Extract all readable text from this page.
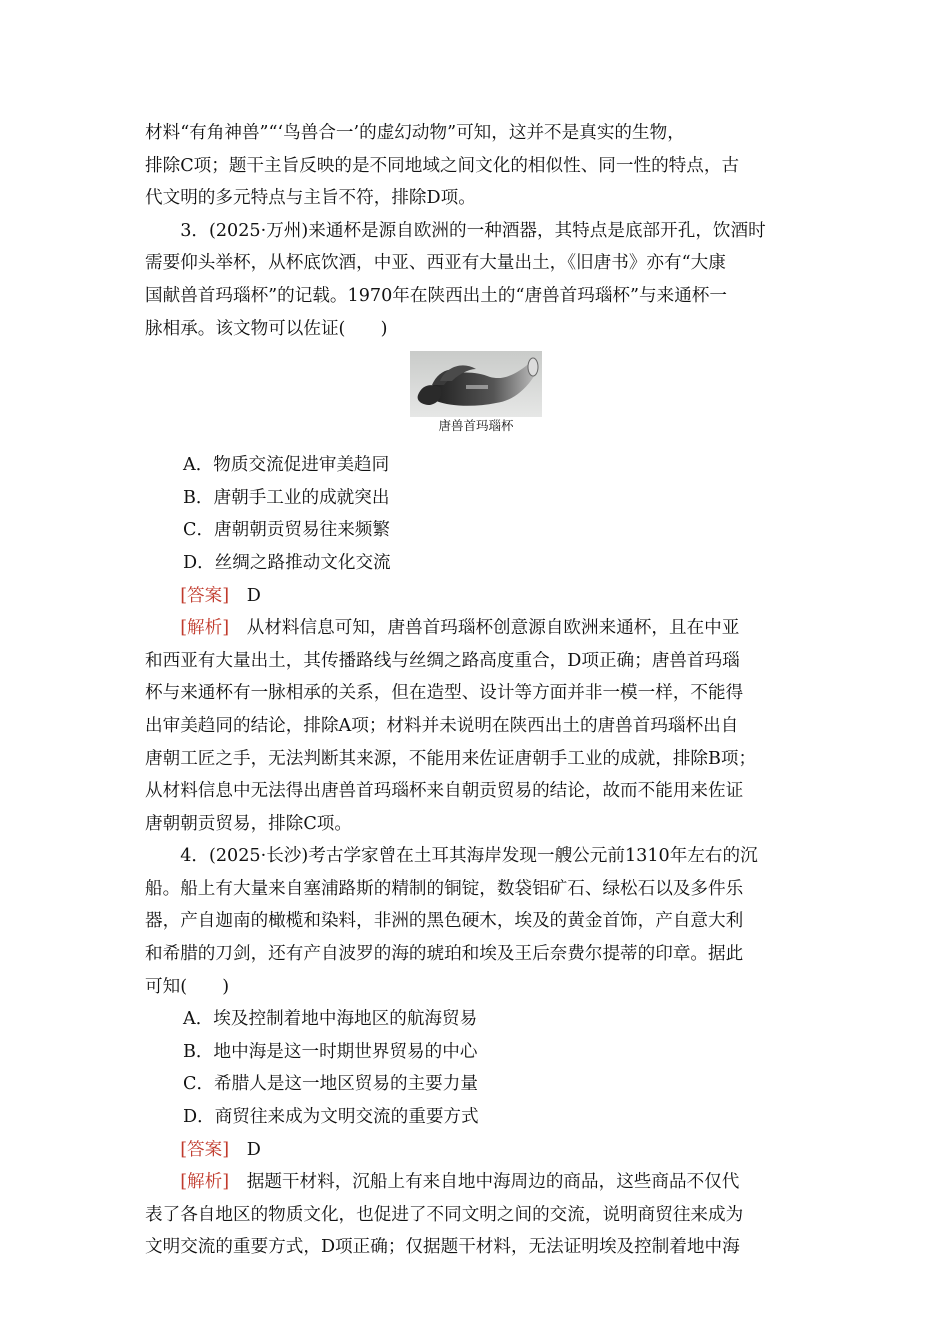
材料“有角神兽”“‘鸟兽合一’的虚幻动物”可知，这并不是真实的生物，

排除C项；题干主旨反映的是不同地域之间文化的相似性、同一性的特点，古

代文明的多元特点与主旨不符，排除D项。

3．(2025·万州)来通杯是源自欧洲的一种酒器，其特点是底部开孔，饮酒时

需要仰头举杯，从杯底饮酒，中亚、西亚有大量出土，《旧唐书》亦有“大康

国献兽首玛瑙杯”的记载。1970年在陕西出土的“唐兽首玛瑙杯”与来通杯一

脉相承。该文物可以佐证(　　)

唐兽首玛瑙杯

A．物质交流促进审美趋同

B．唐朝手工业的成就突出

C．唐朝朝贡贸易往来频繁

D．丝绸之路推动文化交流

[答案]　 D

[解析]　 从材料信息可知，唐兽首玛瑙杯创意源自欧洲来通杯，且在中亚

和西亚有大量出土，其传播路线与丝绸之路高度重合，D项正确；唐兽首玛瑙

杯与来通杯有一脉相承的关系，但在造型、设计等方面并非一模一样，不能得

出审美趋同的结论，排除A项；材料并未说明在陕西出土的唐兽首玛瑙杯出自

唐朝工匠之手，无法判断其来源，不能用来佐证唐朝手工业的成就，排除B项；

从材料信息中无法得出唐兽首玛瑙杯来自朝贡贸易的结论，故而不能用来佐证

唐朝朝贡贸易，排除C项。

4．(2025·长沙)考古学家曾在土耳其海岸发现一艘公元前1310年左右的沉

船。船上有大量来自塞浦路斯的精制的铜锭，数袋铝矿石、绿松石以及多件乐

器，产自迦南的橄榄和染料，非洲的黑色硬木，埃及的黄金首饰，产自意大利

和希腊的刀剑，还有产自波罗的海的琥珀和埃及王后奈费尔提蒂的印章。据此

可知(　　)

A．埃及控制着地中海地区的航海贸易

B．地中海是这一时期世界贸易的中心

C．希腊人是这一地区贸易的主要力量

D．商贸往来成为文明交流的重要方式

[答案]　 D

[解析]　 据题干材料，沉船上有来自地中海周边的商品，这些商品不仅代

表了各自地区的物质文化，也促进了不同文明之间的交流，说明商贸往来成为

文明交流的重要方式，D项正确；仅据题干材料，无法证明埃及控制着地中海
